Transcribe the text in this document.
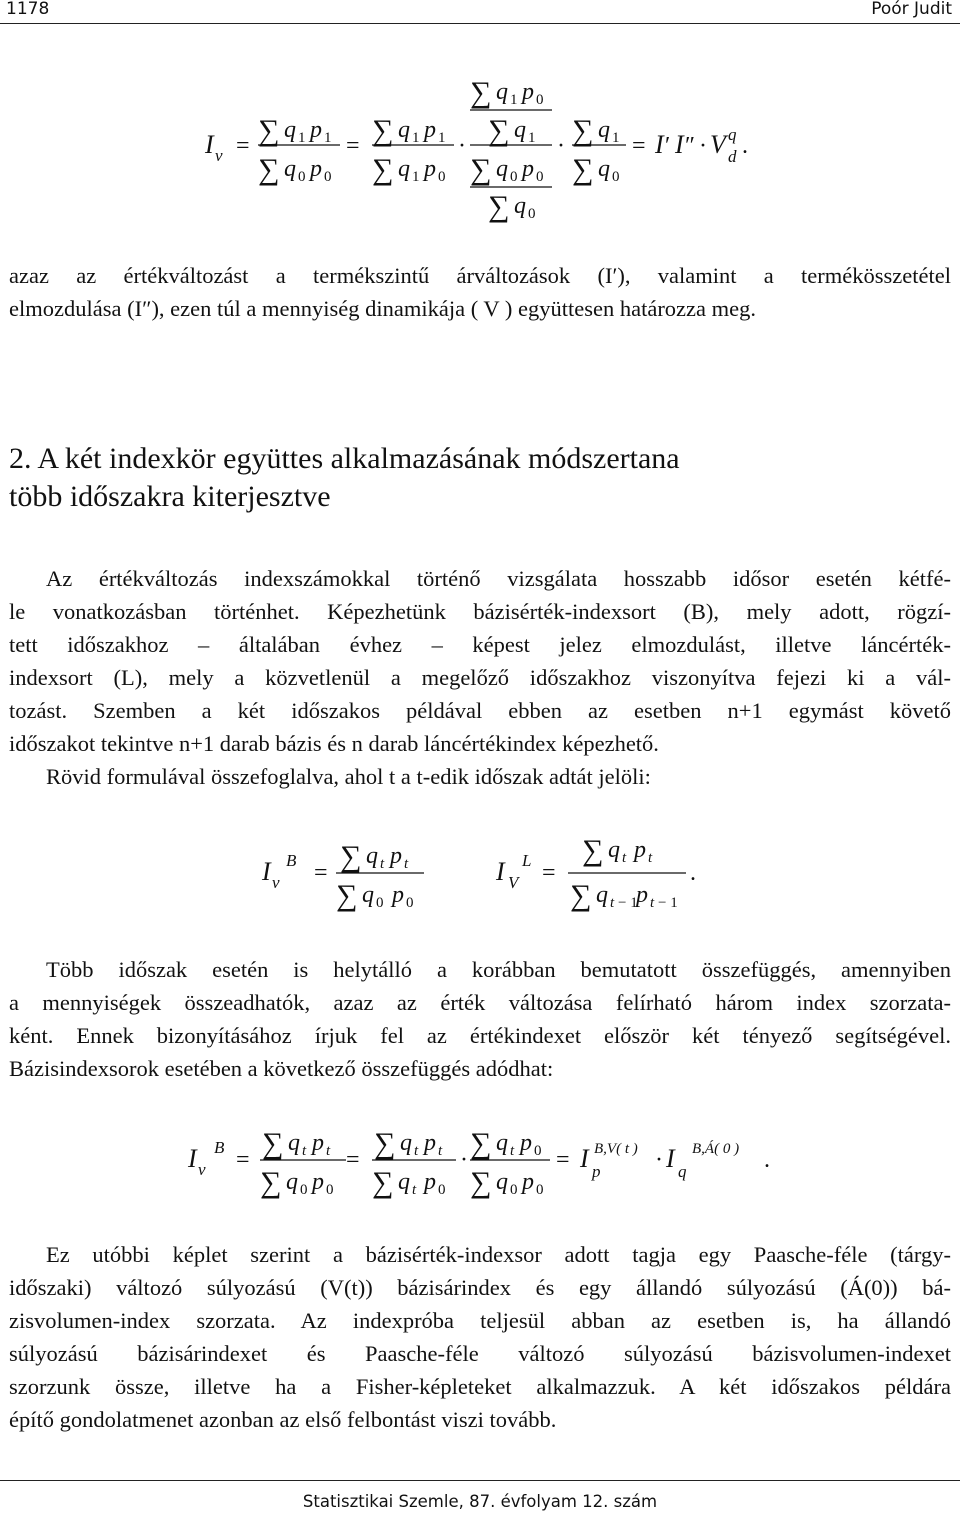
1178	Poór Judit
I v = ∑ q 1 p 1
∑ q 0 p 0
= ∑ q 1 p 1
∑ q 1 p 0
·
∑ q 1 p 0
∑ q 1
∑ q 0 p 0
∑ q 0
· ∑ q 1
∑ q 0
= I ′ I ″ · V q
d .
azaz az értékváltozást a termékszintű árváltozások (I′), valamint a termékösszetétel
elmozdulása (I″), ezen túl a mennyiség dinamikája ( V ) együttesen határozza meg.
2. A két indexkör együttes alkalmazásának módszertana
több időszakra kiterjesztve
Az értékváltozás indexszámokkal történő vizsgálata hosszabb idősor esetén kétfé-
le vonatkozásban történhet. Képezhetünk bázisérték-indexsort (B), mely adott, rögzí-
tett időszakhoz – általában évhez – képest jelez elmozdulást, illetve láncérték-
indexsort (L), mely a közvetlenül a megelőző időszakhoz viszonyítva fejezi ki a vál-
tozást. Szemben a két időszakos példával ebben az esetben n+1 egymást követő
időszakot tekintve n+1 darab bázis és n darab láncértékindex képezhető.
Rövid formulával összefoglalva, ahol t a t-edik időszak adtát jelöli:
I v
B = ∑ q t p t
∑ q 0 p 0
I V
L =
∑ q t p t
∑ q t − 1
p t − 1
.
Több időszak esetén is helytálló a korábban bemutatott összefüggés, amennyiben
a mennyiségek összeadhatók, azaz az érték változása felírható három index szorzata-
ként. Ennek bizonyításához írjuk fel az értékindexet először két tényező segítségével.
Bázisindexsorok esetében a következő összefüggés adódhat:
I v
B = ∑ q t p t
∑ q 0 p 0
= ∑ q t p t
∑ q t p 0
· ∑ q t p 0
∑ q 0 p 0
= I p
B,V( t ) · I q
B,Á( 0 ) .
Ez utóbbi képlet szerint a bázisérték-indexsor adott tagja egy Paasche-féle (tárgy-
időszaki) változó súlyozású (V(t)) bázisárindex és egy állandó súlyozású (Á(0)) bá-
zisvolumen-index szorzata. Az indexpróba teljesül abban az esetben is, ha állandó
súlyozású bázisárindexet és Paasche-féle változó súlyozású bázisvolumen-indexet
szorzunk össze, illetve ha a Fisher-képleteket alkalmazzuk. A két időszakos példára
építő gondolatmenet azonban az első felbontást viszi tovább.
Statisztikai Szemle, 87. évfolyam 12. szám
